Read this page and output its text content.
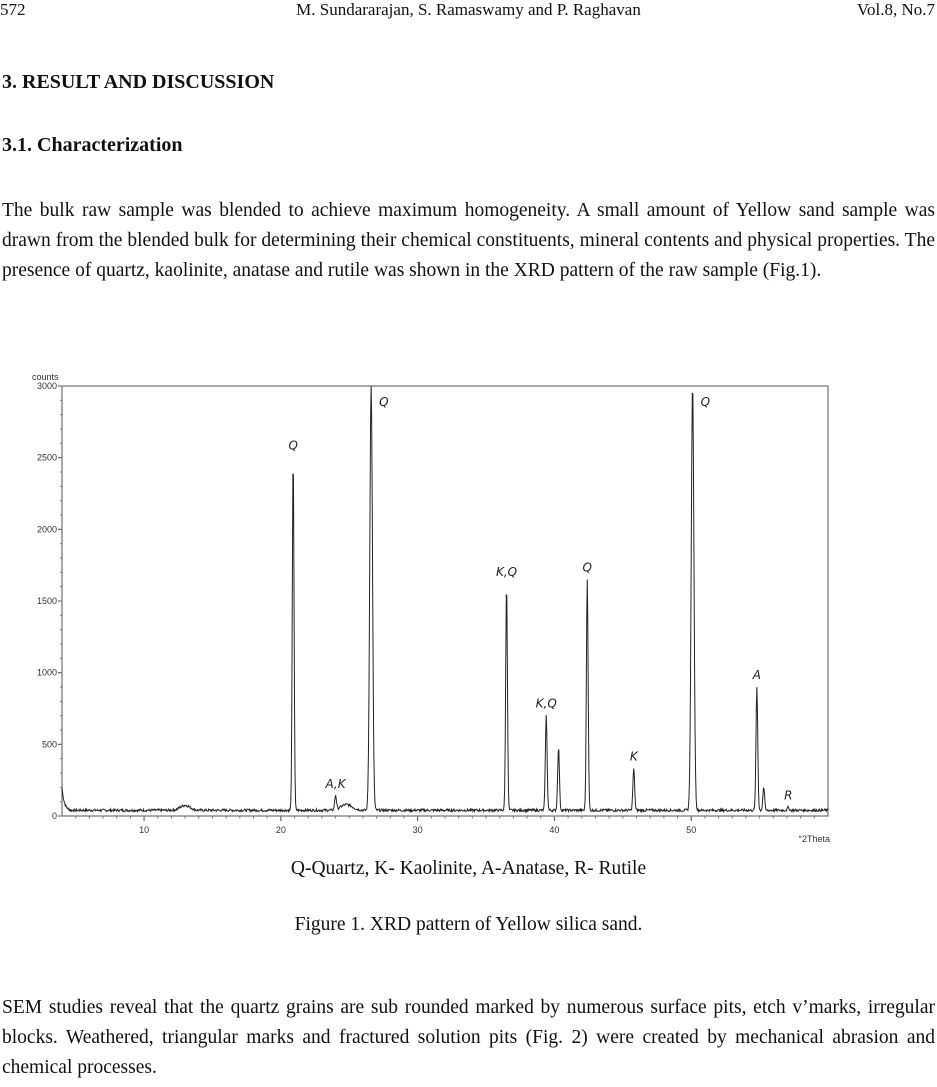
572	M. Sundararajan, S. Ramaswamy and P. Raghavan	Vol.8, No.7
3. RESULT AND DISCUSSION
3.1. Characterization

The bulk raw sample was blended to achieve maximum homogeneity. A small amount of Yellow sand sample was drawn from the blended bulk for determining their chemical constituents, mineral contents and physical properties. The presence of quartz, kaolinite, anatase and rutile was shown in the XRD pattern of the raw sample (Fig.1).

0
500
1000
1500
2000
2500
3000
10	20	30	40	50
counts
°2Theta
Q
A,K
Q
K,Q
K,Q
Q
K
Q
A
R
Q-Quartz, K- Kaolinite, A-Anatase, R- Rutile
Figure 1. XRD pattern of Yellow silica sand.

SEM studies reveal that the quartz grains are sub rounded marked by numerous surface pits, etch v’marks, irregular blocks. Weathered, triangular marks and fractured solution pits (Fig. 2) were created by mechanical abrasion and chemical processes.
